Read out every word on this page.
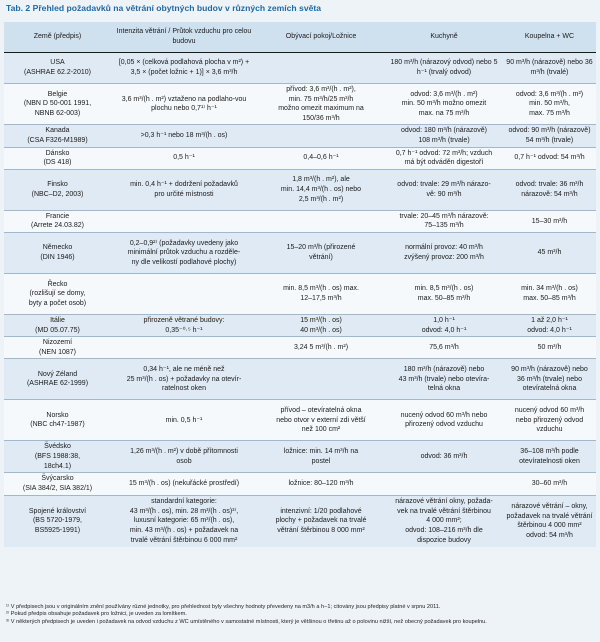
Tab. 2 Přehled požadavků na větrání obytných budov v různých zemích světa
Země (předpis)	Intenzita větrání / Průtok vzduchu pro celou budovu	Obývací pokoj/Ložnice	Kuchyně	Koupelna + WC
USA
(ASHRAE 62.2-2010)	[0,05 × (celková podlahová plocha v m²) + 3,5 × (počet ložnic + 1)] × 3,6 m³/h		180 m³/h (nárazový odvod) nebo 5 h⁻¹ (trvalý odvod)	90 m³/h (nárazově) nebo 36 m³/h (trvalé)
Belgie
(NBN D 50-001 1991,
NBNB 62-003)	3,6 m³/(h . m²) vztaženo na podlaho-vou plochu nebo 0,7¹⁾ h⁻¹	přívod: 3,6 m³/(h . m²),
min. 75 m³/h/25 m³/h
možno omezit maximum na
150/36 m³/h	odvod: 3,6 m³/(h . m²)
min. 50 m³/h možno omezit
max. na 75 m³/h	odvod: 3,6 m³/(h . m²)
min. 50 m³/h,
max. 75 m³/h
Kanada
(CSA F326-M1989)	>0,3 h⁻¹ nebo 18 m³/(h . os)		odvod: 180 m³/h (nárazově)
108 m³/h (trvale)	odvod: 90 m³/h (nárazově)
54 m³/h (trvale)
Dánsko
(DS 418)	0,5 h⁻¹	0,4–0,6 h⁻¹	0,7 h⁻¹ odvod: 72 m³/h; vzduch
má být odváděn digestoří	0,7 h⁻¹ odvod: 54 m³/h
Finsko
(NBC–D2, 2003)	min. 0,4 h⁻¹ + dodržení požadavků
pro určité místnosti	1,8 m³/(h . m²), ale
min. 14,4 m³/(h . os) nebo
2,5 m³/(h . m²)	odvod: trvale: 29 m³/h nárazo-
vě: 90 m³/h	odvod: trvale: 36 m³/h
nárazově: 54 m³/h
Francie
(Arrete 24.03.82)			trvale: 20–45 m³/h nárazově:
75–135 m³/h	15–30 m³/h
Německo
(DIN 1946)	0,2–0,9²⁾ (požadavky uvedeny jako
minimální průtok vzduchu a rozděle-
ny dle velikostí podlahové plochy)	15–20 m³/h (přirozené
větrání)	normální provoz: 40 m³/h
zvýšený provoz: 200 m³/h	45 m³/h
Řecko
(rozlišují se domy,
byty a počet osob)		min. 8,5 m³/(h . os) max.
12–17,5 m³/h	min. 8,5 m³/(h . os)
max. 50–85 m³/h	min. 34 m³/(h . os)
max. 50–85 m³/h
Itálie
(MD 05.07.75)	přirozeně větrané budovy:
0,35⁻⁰·⁵ h⁻¹	15 m³/(h . os)
40 m³/(h . os)	1,0 h⁻¹
odvod: 4,0 h⁻¹	1 až 2,0 h⁻¹
odvod: 4,0 h⁻¹
Nizozemí
(NEN 1087)		3,24 5 m³/(h . m²)	75,6 m³/h	50 m³/h
Nový Zéland
(ASHRAE 62-1999)	0,34 h⁻¹, ale ne méně než
25 m³/(h . os) + požadavky na otevír-
ratelnost oken		180 m³/h (nárazově) nebo
43 m³/h (trvale) nebo otevíra-
telná okna	90 m³/h (nárazově) nebo
36 m³/h (trvale) nebo
otevíratelná okna
Norsko
(NBC ch47-1987)	min. 0,5 h⁻¹	přívod – otevíratelná okna
nebo otvor v externí zdi větší
než 100 cm²	nucený odvod 60 m³/h nebo
přirozený odvod vzduchu	nucený odvod 60 m³/h
nebo přirozený odvod
vzduchu
Švédsko
(BFS 1988:38,
18ch4.1)	1,26 m³/(h . m²) v době přítomnosti
osob	ložnice: min. 14 m³/h na
postel	odvod: 36 m³/h	36–108 m³/h podle
otevíratelnosti oken
Švýcarsko
(SIA 384/2, SIA 382/1)	15 m³/(h . os) (nekuřácké prostředí)	ložnice: 80–120 m³/h		30–60 m³/h
Spojené království
(BS 5720-1979,
BS5925-1991)	standardní kategorie:
43 m³/(h . os), min. 28 m³/(h . os)³⁾,
luxusní kategorie: 65 m³/(h . os),
min. 43 m³/(h . os) + požadavek na
trvalé větrání štěrbinou 6 000 mm²	intenzivní: 1/20 podlahové
plochy + požadavek na trvalé
větrání štěrbinou 8 000 mm²	nárazové větrání okny, požada-
vek na trvalé větrání štěrbinou
4 000 mm²;
odvod: 108–216 m³/h dle
dispozice budovy	nárazové větrání – okny,
požadavek na trvalé větrání
štěrbinou 4 000 mm²
odvod: 54 m³/h
¹⁾ V předpisech jsou v originálním znění používány různé jednotky, pro přehlednost byly všechny hodnoty převedeny na m3/h a h−1; citovány jsou předpisy platné v srpnu 2011.
²⁾ Pokud předpis obsahuje požadavek pro ložnici, je uveden za lomítkem.
³⁾ V některých předpisech je uveden i požadavek na odvod vzduchu z WC umístěného v samostatné místnosti, který je většinou o třetinu až o polovinu nižší, než obecný požadavek pro koupelnu.
